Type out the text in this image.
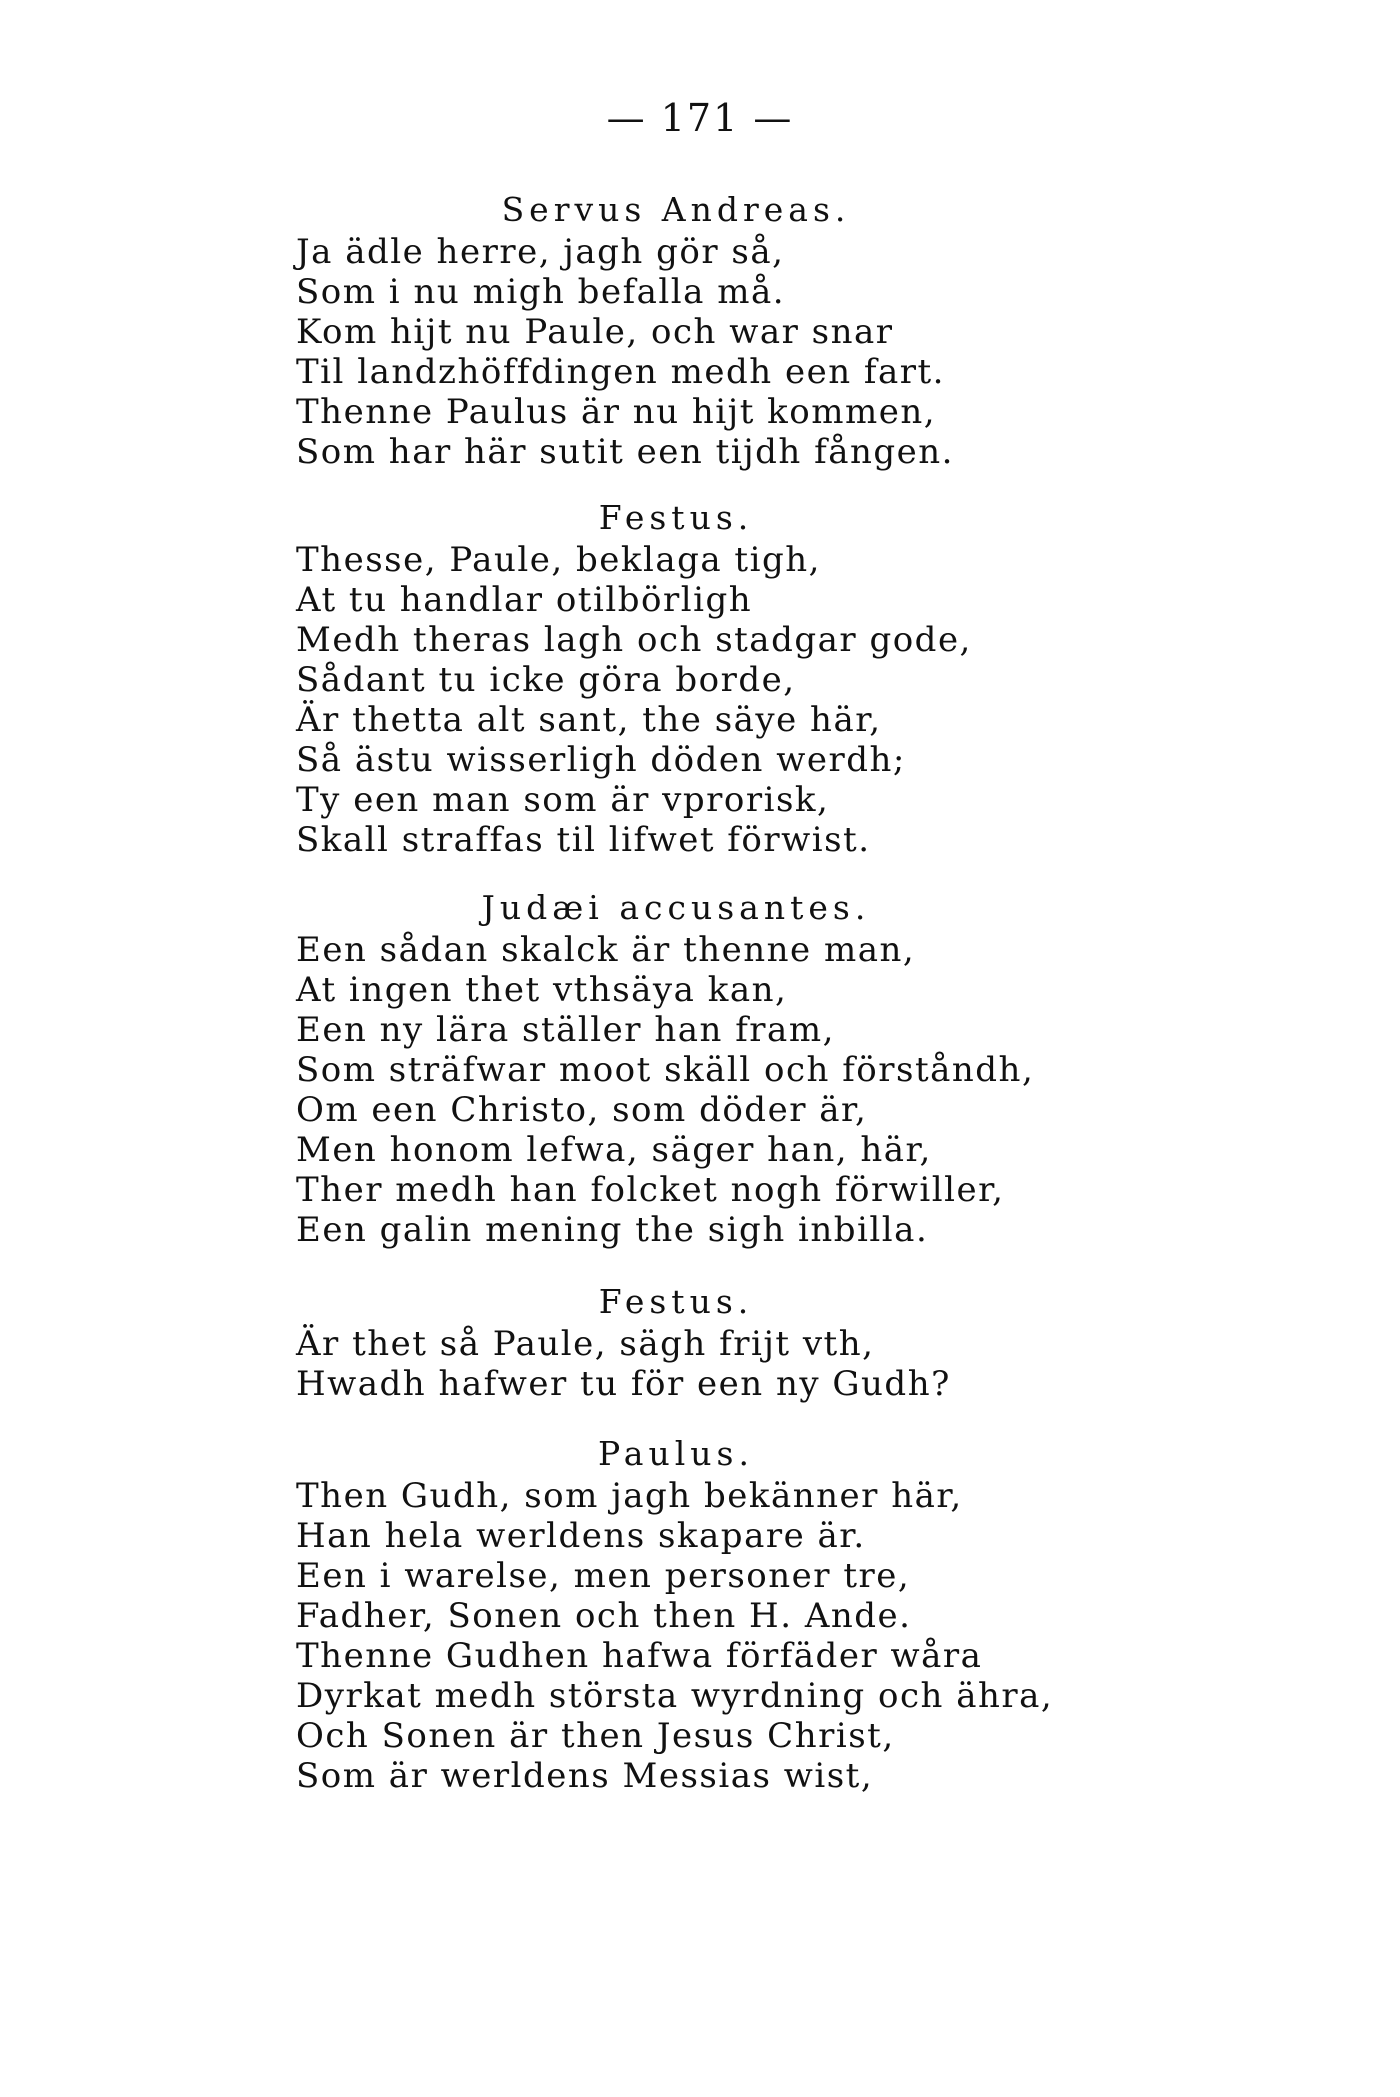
— 171 —

Servus Andreas.

Ja ädle herre, jagh gör så,
Som i nu migh befalla må.
Kom hijt nu Paule, och war snar
Til landzhöffdingen medh een fart.
Thenne Paulus är nu hijt kommen,
Som har här sutit een tijdh fången.

Festus.

Thesse, Paule, beklaga tigh,
At tu handlar otilbörligh
Medh theras lagh och stadgar gode,
Sådant tu icke göra borde,
Är thetta alt sant, the säye här,
Så ästu wisserligh döden werdh;
Ty een man som är vprorisk,
Skall straffas til lifwet förwist.

Judæi accusantes.

Een sådan skalck är thenne man,
At ingen thet vthsäya kan,
Een ny lära ställer han fram,
Som sträfwar moot skäll och förståndh,
Om een Christo, som döder är,
Men honom lefwa, säger han, här,
Ther medh han folcket nogh förwiller,
Een galin mening the sigh inbilla.

Festus.

Är thet så Paule, sägh frijt vth,
Hwadh hafwer tu för een ny Gudh?

Paulus.

Then Gudh, som jagh bekänner här,
Han hela werldens skapare är.
Een i warelse, men personer tre,
Fadher, Sonen och then H. Ande.
Thenne Gudhen hafwa förfäder wåra
Dyrkat medh största wyrdning och ähra,
Och Sonen är then Jesus Christ,
Som är werldens Messias wist,
